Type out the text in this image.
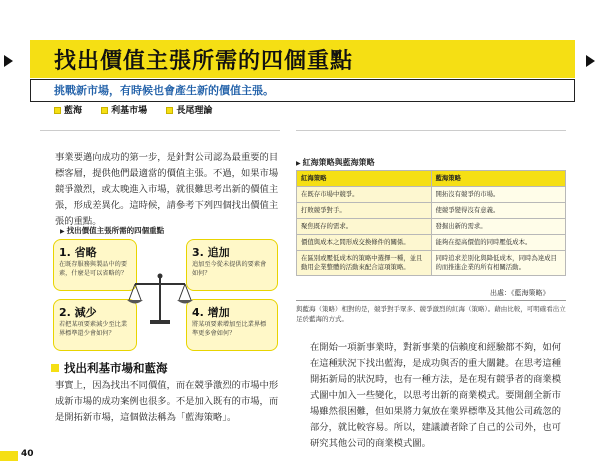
找出價值主張所需的四個重點
挑戰新市場，有時候也會產生新的價值主張。
藍海	利基市場	長尾理論
事業要邁向成功的第一步，是針對公司認為最重要的目標客層，提供他們最適當的價值主張。不過，如果市場競爭激烈，或太晚進入市場，就很難思考出新的價值主張，形成差異化。這時候，請參考下列四個找出價值主張的重點。
▶ 找出價值主張所需的四個重點
1. 省略
在既存服務與製品中的要素，什麼是可以省略的？
3. 追加
追加至今從未提供的要素會如何？
2. 減少
若把某項要素減少至比業界標準還少會如何？
4. 增加
將某項要素增加至比業界標準更多會如何？
找出利基市場和藍海
事實上，因為找出不同價值，而在競爭激烈的市場中形成新市場的成功案例也很多。不是加入既有的市場，而是開拓新市場，這個做法稱為「藍海策略」。
▶ 紅海策略與藍海策略
紅海策略	藍海策略
在既存市場中競爭。	開拓沒有競爭的市場。
打敗競爭對手。	使競爭變得沒有意義。
聚焦既存的需求。	發掘出新的需求。
價值與成本之間形成交換條件的關係。	能夠在提高價值的同時壓低成本。
在區別或壓低成本的策略中選擇一種，並且動用企業整體的活動來配合這項策略。	同時追求差別化與降低成本，同時為達成目的而推進企業的所有相關活動。
出處：《藍海策略》
與藍海（策略）相對的是，競爭對手眾多、競爭激烈的紅海（策略）。藉由比較，可明確看出立足於藍海的方式。
在開始一項新事業時，對新事業的信賴度和經驗都不夠，如何在這種狀況下找出藍海，是成功與否的重大關鍵。在思考這種開拓新局的狀況時，也有一種方法，是在現有競爭者的商業模式圖中加入一些變化，以思考出新的商業模式。要開創全新市場雖然很困難，但如果將力氣放在業界標準及其他公司疏忽的部分，就比較容易。所以，建議讀者除了自己的公司外，也可研究其他公司的商業模式圖。
40
